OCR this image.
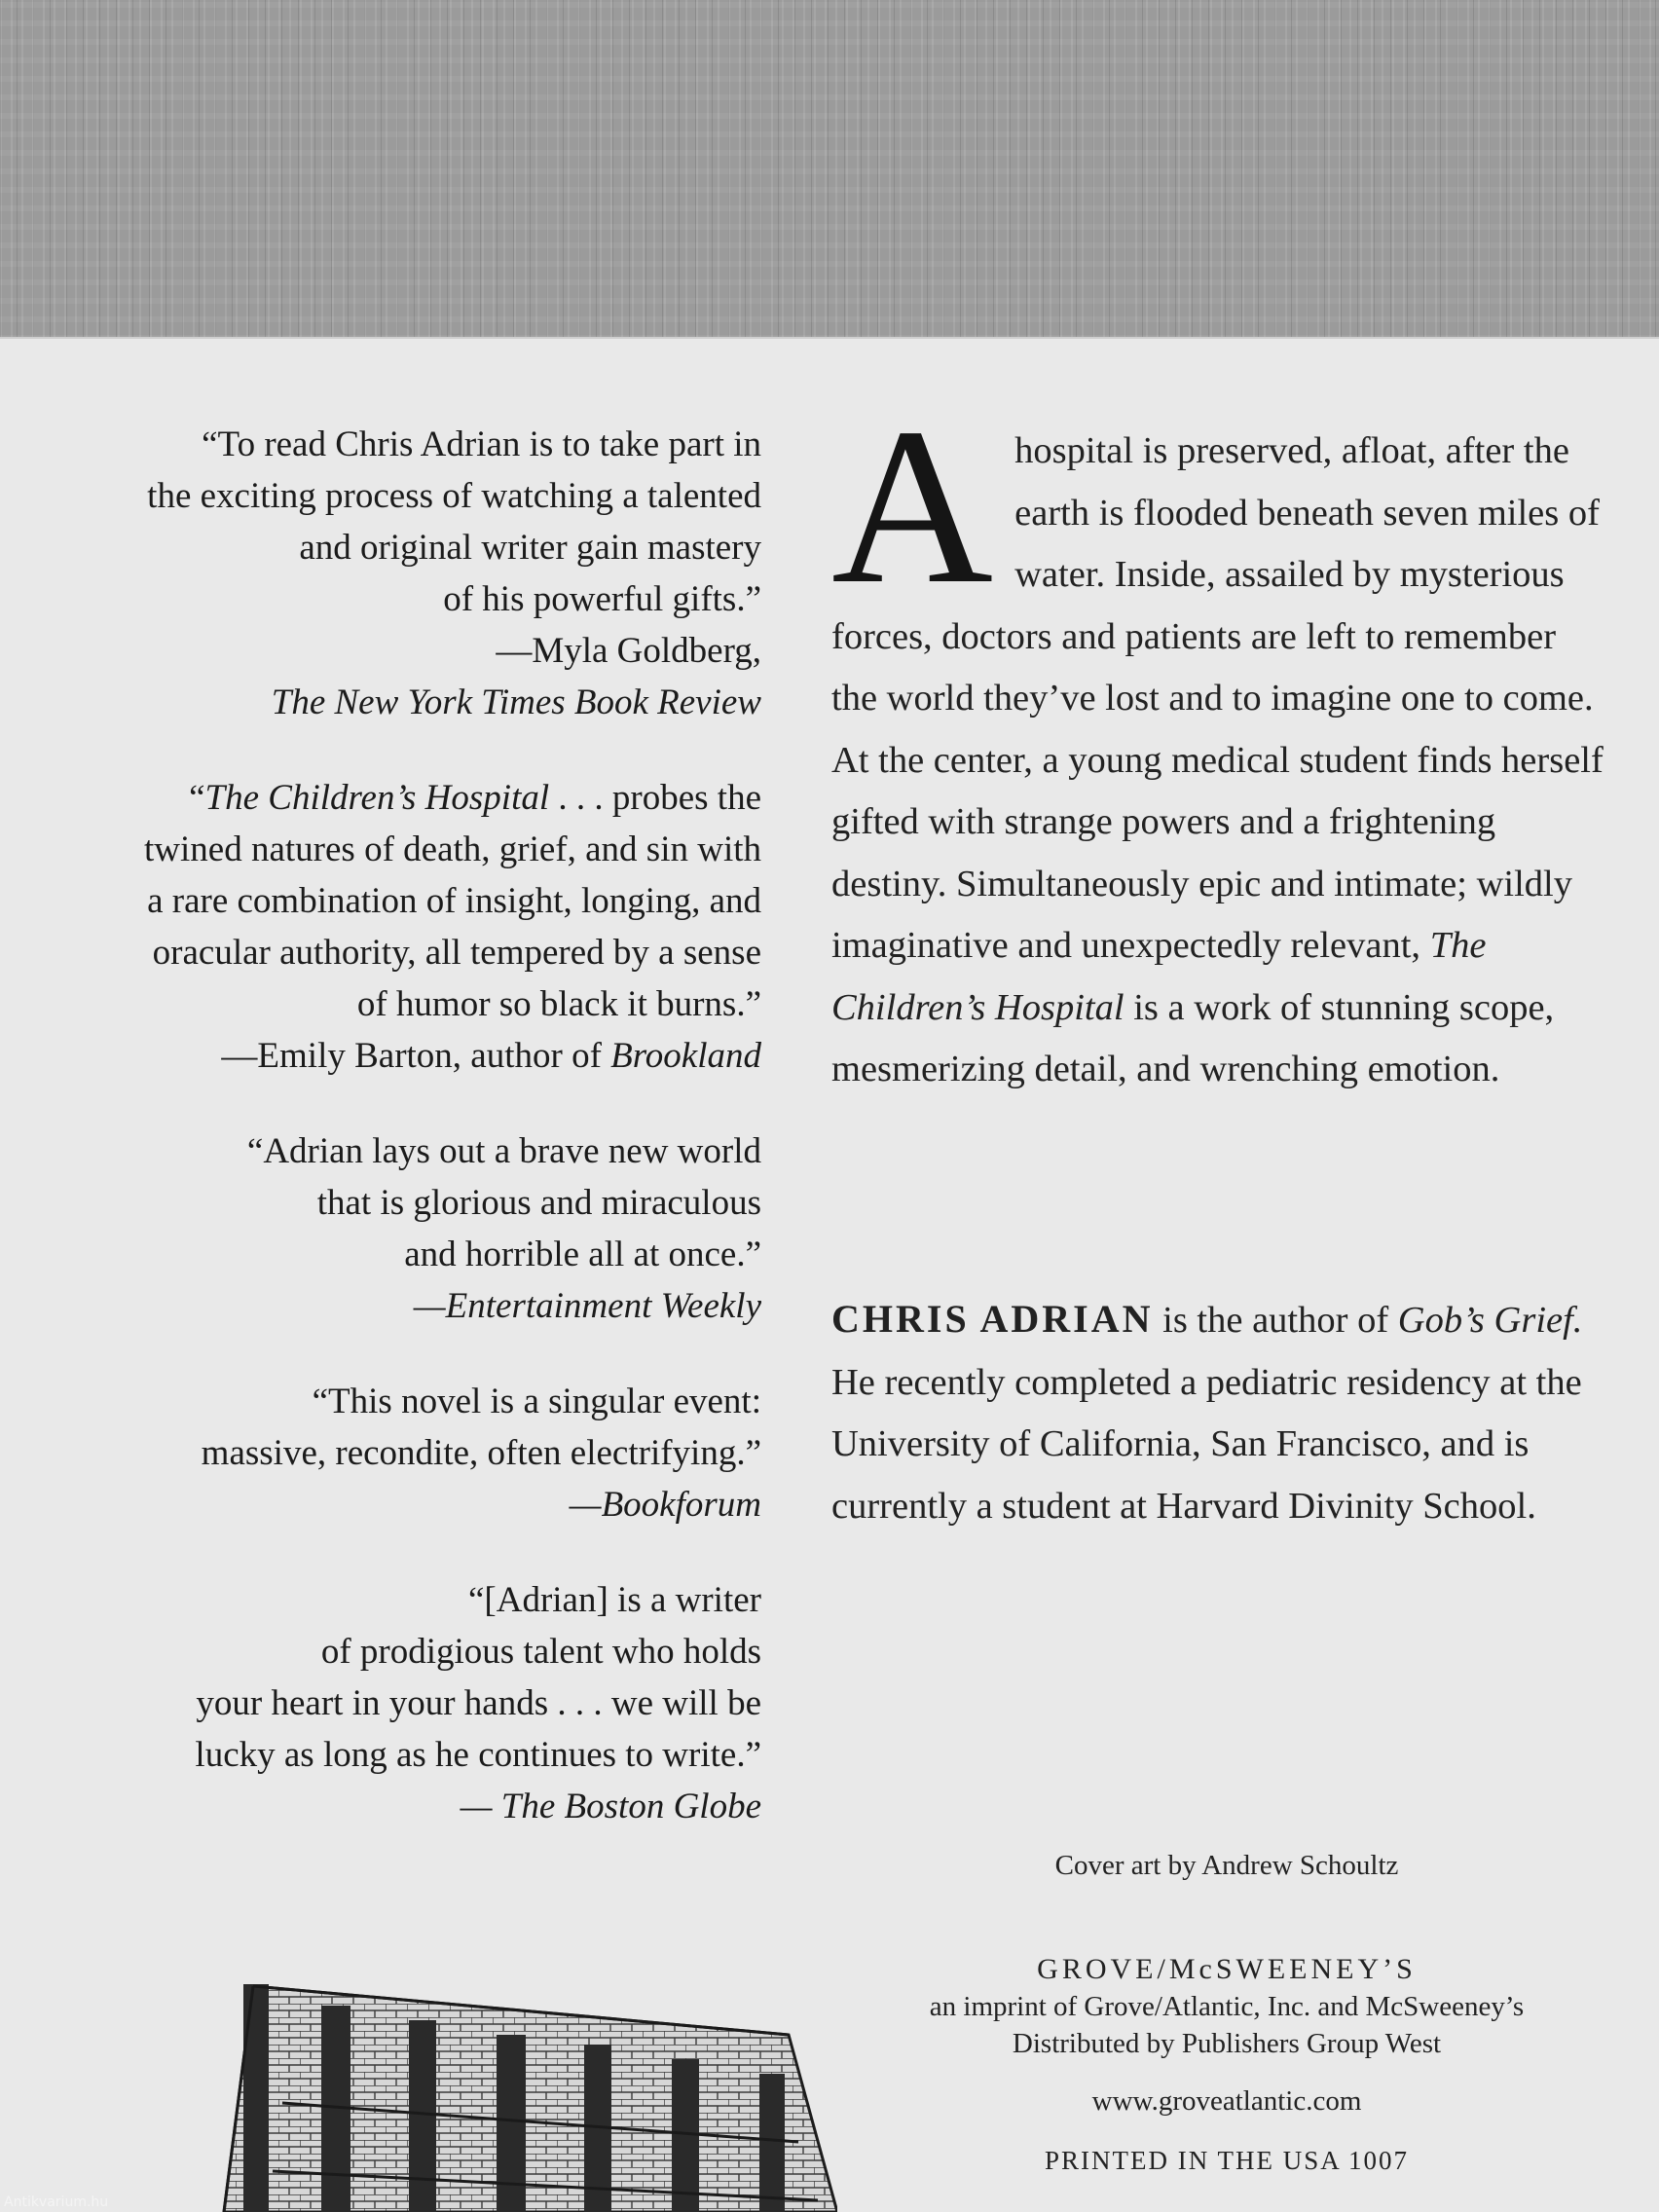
“To read Chris Adrian is to take part in

the exciting process of watching a talented

and original writer gain mastery

of his powerful gifts.”

—Myla Goldberg,

The New York Times Book Review

“The Children’s Hospital . . . probes the

twined natures of death, grief, and sin with

a rare combination of insight, longing, and

oracular authority, all tempered by a sense

of humor so black it burns.”

—Emily Barton, author of Brookland

“Adrian lays out a brave new world

that is glorious and miraculous

and horrible all at once.”

—Entertainment Weekly

“This novel is a singular event:

massive, recondite, often electrifying.”

—Bookforum

“[Adrian] is a writer

of prodigious talent who holds

your heart in your hands . . . we will be

lucky as long as he continues to write.”

— The Boston Globe

A hospital is preserved, afloat, after the earth is flooded beneath seven miles of water. Inside, assailed by mysterious forces, doctors and patients are left to remember the world they’ve lost and to imagine one to come. At the center, a young medical student finds herself gifted with strange powers and a frightening destiny. Simultaneously epic and intimate; wildly imaginative and unexpectedly relevant, The Children’s Hospital is a work of stunning scope, mesmerizing detail, and wrenching emotion.

CHRIS ADRIAN is the author of Gob’s Grief. He recently completed a pediatric residency at the University of California, San Francisco, and is currently a student at Harvard Divinity School.

Cover art by Andrew Schoultz
GROVE/McSWEENEY’S
an imprint of Grove/Atlantic, Inc. and McSweeney’s
Distributed by Publishers Group West
www.groveatlantic.com
PRINTED IN THE USA 1007
Antikvarium.hu
